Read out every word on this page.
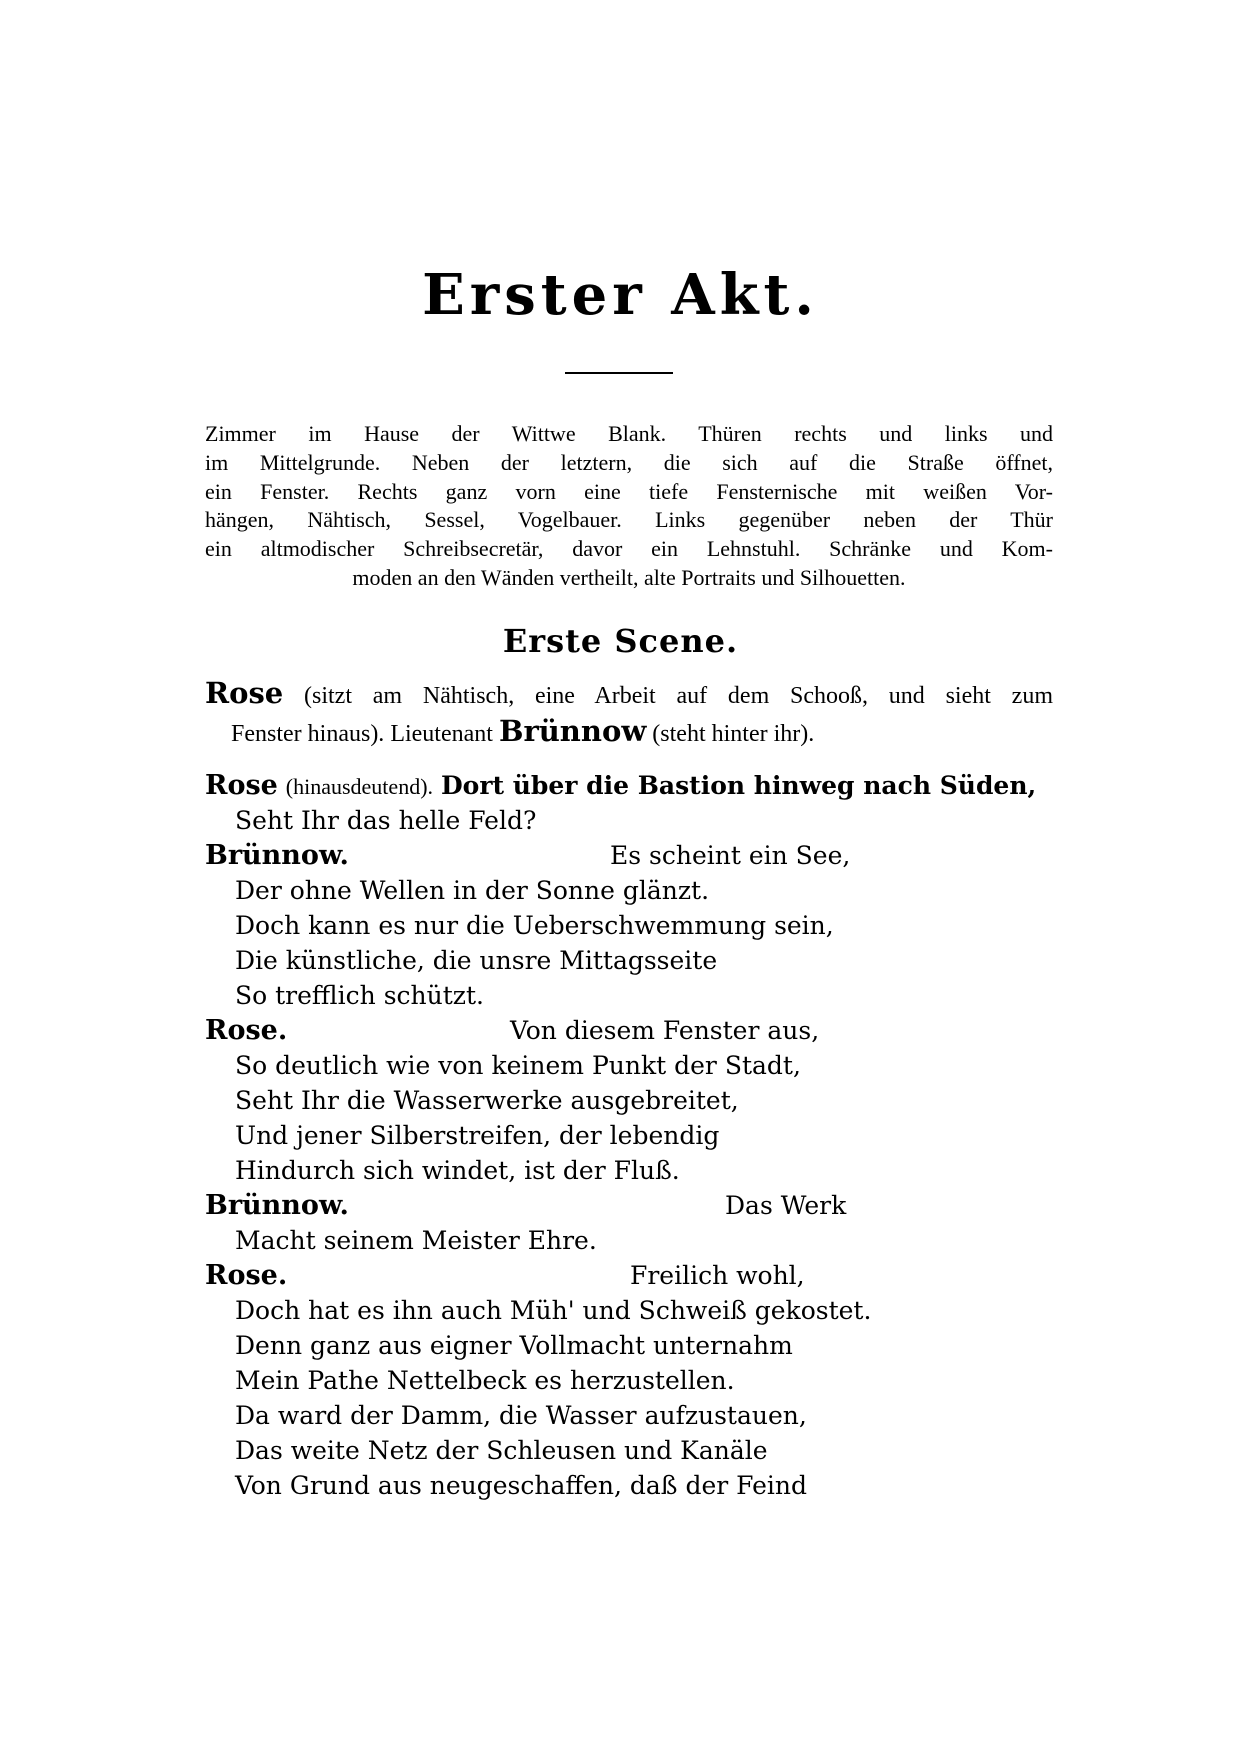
Erster Akt.
Zimmer im Hause der Wittwe Blank. Thüren rechts und links und
im Mittelgrunde. Neben der letztern, die sich auf die Straße öffnet,
ein Fenster. Rechts ganz vorn eine tiefe Fensternische mit weißen Vor-
hängen, Nähtisch, Sessel, Vogelbauer. Links gegenüber neben der Thür
ein altmodischer Schreibsecretär, davor ein Lehnstuhl. Schränke und Kom-
moden an den Wänden vertheilt, alte Portraits und Silhouetten.
Erste Scene.
Rose (sitzt am Nähtisch, eine Arbeit auf dem Schooß, und sieht zum
Fenster hinaus). Lieutenant Brünnow (steht hinter ihr).
Rose (hinausdeutend). Dort über die Bastion hinweg nach Süden,
Seht Ihr das helle Feld?
Brünnow.	Es scheint ein See,
Der ohne Wellen in der Sonne glänzt.
Doch kann es nur die Ueberschwemmung sein,
Die künstliche, die unsre Mittagsseite
So trefflich schützt.
Rose.	Von diesem Fenster aus,
So deutlich wie von keinem Punkt der Stadt,
Seht Ihr die Wasserwerke ausgebreitet,
Und jener Silberstreifen, der lebendig
Hindurch sich windet, ist der Fluß.
Brünnow.	Das Werk
Macht seinem Meister Ehre.
Rose.	Freilich wohl,
Doch hat es ihn auch Müh' und Schweiß gekostet.
Denn ganz aus eigner Vollmacht unternahm
Mein Pathe Nettelbeck es herzustellen.
Da ward der Damm, die Wasser aufzustauen,
Das weite Netz der Schleusen und Kanäle
Von Grund aus neugeschaffen, daß der Feind
